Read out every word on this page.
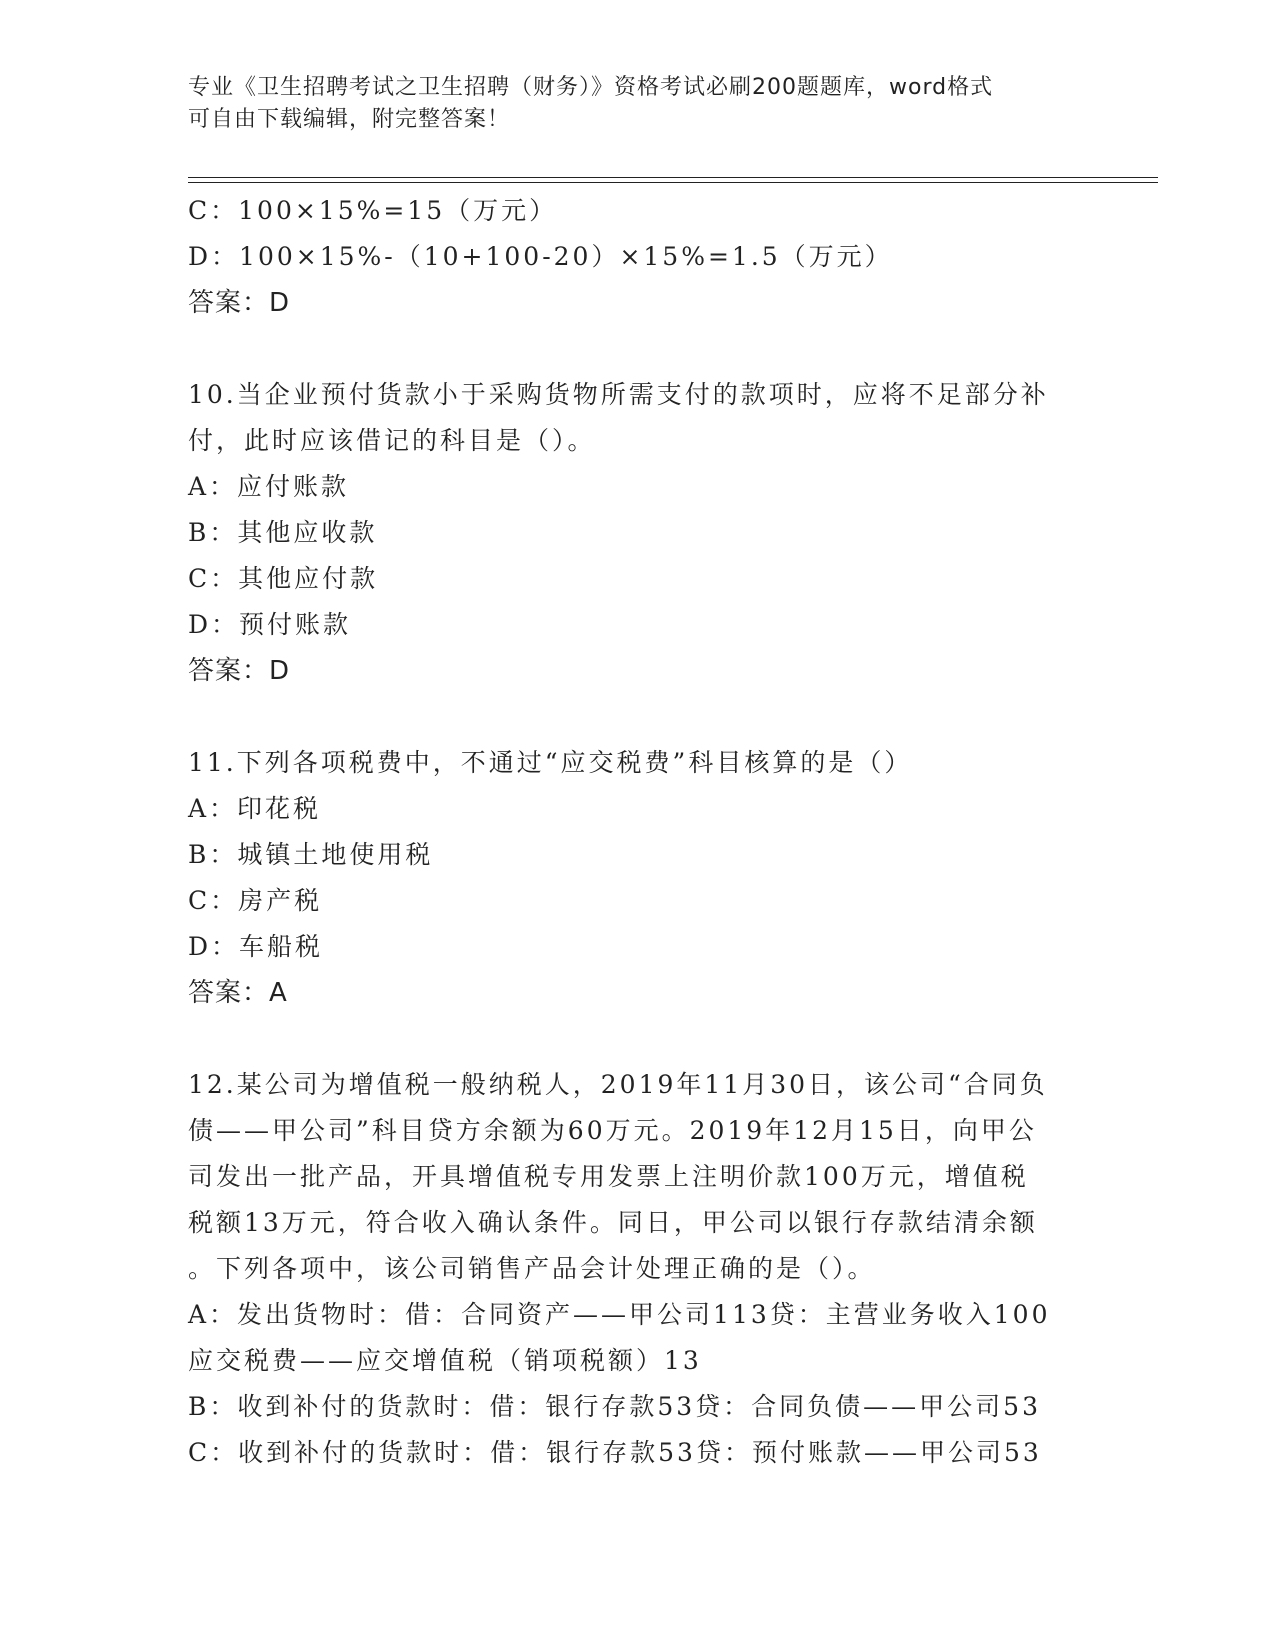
专业《卫生招聘考试之卫生招聘（财务）》资格考试必刷200题题库，word格式
可自由下载编辑，附完整答案！
C：100×15%=15（万元）
D：100×15%-（10+100-20）×15%=1.5（万元）
答案：D
10.当企业预付货款小于采购货物所需支付的款项时，应将不足部分补
付，此时应该借记的科目是（）。
A：应付账款
B：其他应收款
C：其他应付款
D：预付账款
答案：D
11.下列各项税费中，不通过“应交税费”科目核算的是（）
A：印花税
B：城镇土地使用税
C：房产税
D：车船税
答案：A
12.某公司为增值税一般纳税人，2019年11月30日，该公司“合同负
债——甲公司”科目贷方余额为60万元。2019年12月15日，向甲公
司发出一批产品，开具增值税专用发票上注明价款100万元，增值税
税额13万元，符合收入确认条件。同日，甲公司以银行存款结清余额
。下列各项中，该公司销售产品会计处理正确的是（）。
A：发出货物时：借：合同资产——甲公司113贷：主营业务收入100
应交税费——应交增值税（销项税额）13
B：收到补付的货款时：借：银行存款53贷：合同负债——甲公司53
C：收到补付的货款时：借：银行存款53贷：预付账款——甲公司53
